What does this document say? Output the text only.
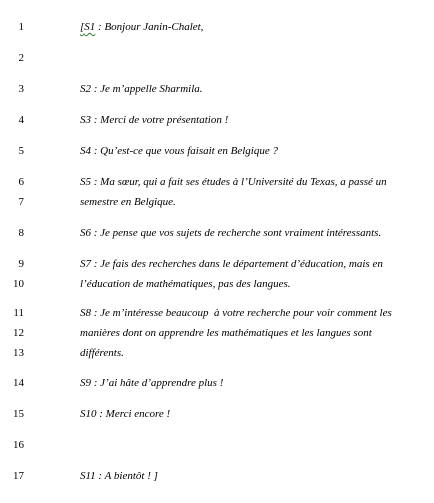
1	[S1 : Bonjour Janin-Chalet,
2
3	S2 : Je m’appelle Sharmila.
4	S3 : Merci de votre présentation !
5	S4 : Qu’est-ce que vous faisait en Belgique ?
6	S5 : Ma sœur, qui a fait ses études à l’Université du Texas, a passé un
7	semestre en Belgique.
8	S6 : Je pense que vos sujets de recherche sont vraiment intéressants.
9	S7 : Je fais des recherches dans le département d’éducation, mais en
10	l’éducation de mathématiques, pas des langues.
11	S8 : Je m’intéresse beaucoup  à votre recherche pour voir comment les
12	manières dont on apprendre les mathématiques et les langues sont
13	différents.
14	S9 : J’ai hâte d’apprendre plus !
15	S10 : Merci encore !
16
17	S11 : A bientôt ! ]
